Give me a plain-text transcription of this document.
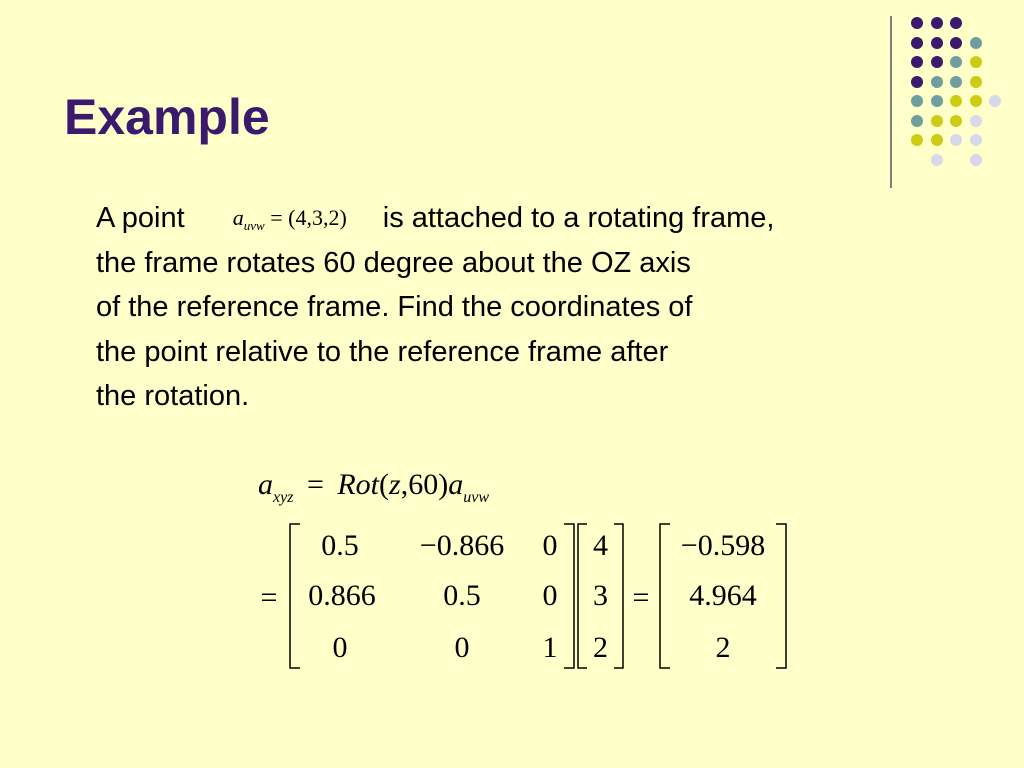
Example
A point $a_{uvw} = (4,3,2)$ is attached to a rotating frame,
the frame rotates 60 degree about the OZ axis
of the reference frame. Find the coordinates of
the point relative to the reference frame after
the rotation.
$a_{xyz} = Rot(z,60)a_{uvw}$
=
0.5	−0.866	0
0.866	0.5	0
0	0	1
4
3
2
=
−0.598
4.964
2
